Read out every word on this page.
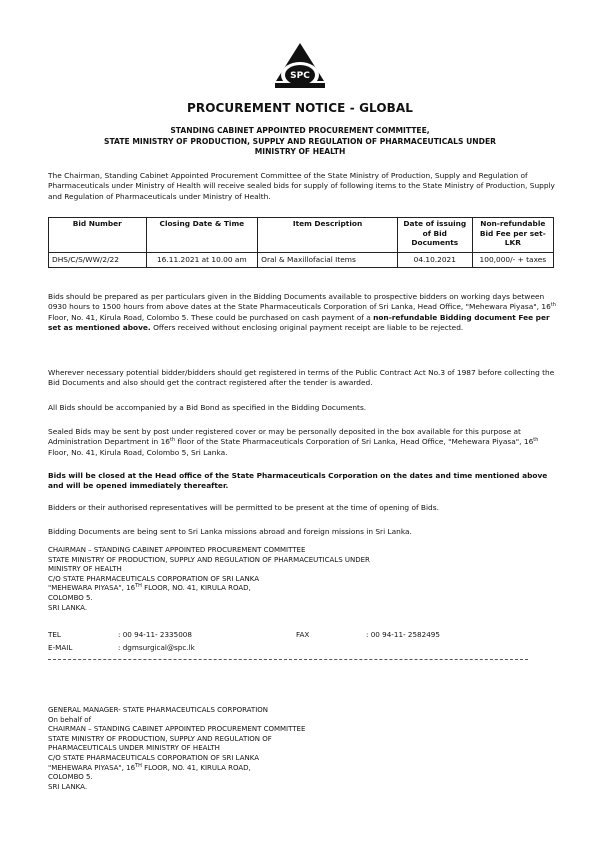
SPC
PROCUREMENT NOTICE - GLOBAL
STANDING CABINET APPOINTED PROCUREMENT COMMITTEE,
STATE MINISTRY OF PRODUCTION, SUPPLY AND REGULATION OF PHARMACEUTICALS UNDER
MINISTRY OF HEALTH
The Chairman, Standing Cabinet Appointed Procurement Committee of the State Ministry of Production, Supply and Regulation of Pharmaceuticals under Ministry of Health will receive sealed bids for supply of following items to the State Ministry of Production, Supply and Regulation of Pharmaceuticals under Ministry of Health.
Bid Number	Closing Date & Time	Item Description	Date of issuing of Bid Documents	Non-refundable Bid Fee per set- LKR
DHS/C/S/WW/2/22	16.11.2021 at 10.00 am	Oral & Maxillofacial Items	04.10.2021	100,000/- + taxes
Bids should be prepared as per particulars given in the Bidding Documents available to prospective bidders on working days between 0930 hours to 1500 hours from above dates at the State Pharmaceuticals Corporation of Sri Lanka, Head Office, "Mehewara Piyasa", 16th Floor, No. 41, Kirula Road, Colombo 5. These could be purchased on cash payment of a non-refundable Bidding document Fee per set as mentioned above. Offers received without enclosing original payment receipt are liable to be rejected.
Wherever necessary potential bidder/bidders should get registered in terms of the Public Contract Act No.3 of 1987 before collecting the Bid Documents and also should get the contract registered after the tender is awarded.
All Bids should be accompanied by a Bid Bond as specified in the Bidding Documents.
Sealed Bids may be sent by post under registered cover or may be personally deposited in the box available for this purpose at Administration Department in 16th floor of the State Pharmaceuticals Corporation of Sri Lanka, Head Office, "Mehewara Piyasa", 16th Floor, No. 41, Kirula Road, Colombo 5, Sri Lanka.
Bids will be closed at the Head office of the State Pharmaceuticals Corporation on the dates and time mentioned above and will be opened immediately thereafter.
Bidders or their authorised representatives will be permitted to be present at the time of opening of Bids.
Bidding Documents are being sent to Sri Lanka missions abroad and foreign missions in Sri Lanka.
CHAIRMAN – STANDING CABINET APPOINTED PROCUREMENT COMMITTEE
STATE MINISTRY OF PRODUCTION, SUPPLY AND REGULATION OF PHARMACEUTICALS UNDER
MINISTRY OF HEALTH
C/O STATE PHARMACEUTICALS CORPORATION OF SRI LANKA
"MEHEWARA PIYASA", 16TH FLOOR, NO. 41, KIRULA ROAD,
COLOMBO 5.
SRI LANKA.
TEL	: 00 94-11- 2335008	FAX	: 00 94-11- 2582495
E-MAIL	: dgmsurgical@spc.lk
GENERAL MANAGER- STATE PHARMACEUTICALS CORPORATION
On behalf of
CHAIRMAN – STANDING CABINET APPOINTED PROCUREMENT COMMITTEE
STATE MINISTRY OF PRODUCTION, SUPPLY AND REGULATION OF
PHARMACEUTICALS UNDER MINISTRY OF HEALTH
C/O STATE PHARMACEUTICALS CORPORATION OF SRI LANKA
"MEHEWARA PIYASA", 16TH FLOOR, NO. 41, KIRULA ROAD,
COLOMBO 5.
SRI LANKA.
